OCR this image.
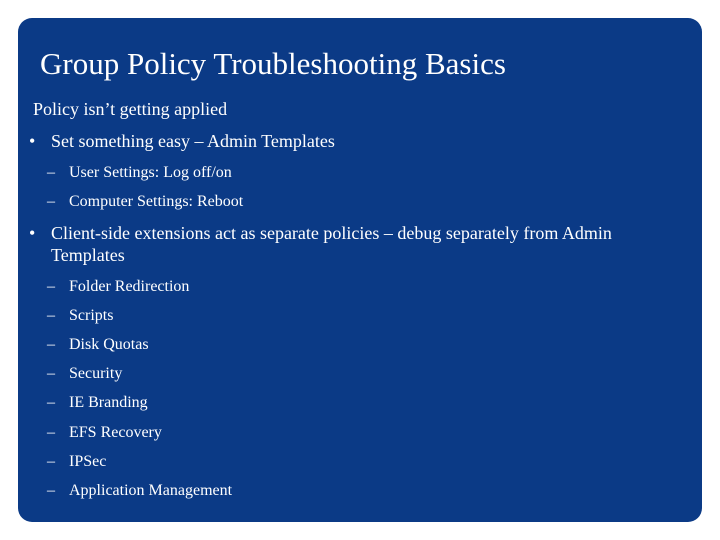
Group Policy Troubleshooting Basics
Policy isn’t getting applied
• Set something easy – Admin Templates
– User Settings: Log off/on
– Computer Settings: Reboot
• Client-side extensions act as separate policies – debug separately from Admin
Templates
– Folder Redirection
– Scripts
– Disk Quotas
– Security
– IE Branding
– EFS Recovery
– IPSec
– Application Management
